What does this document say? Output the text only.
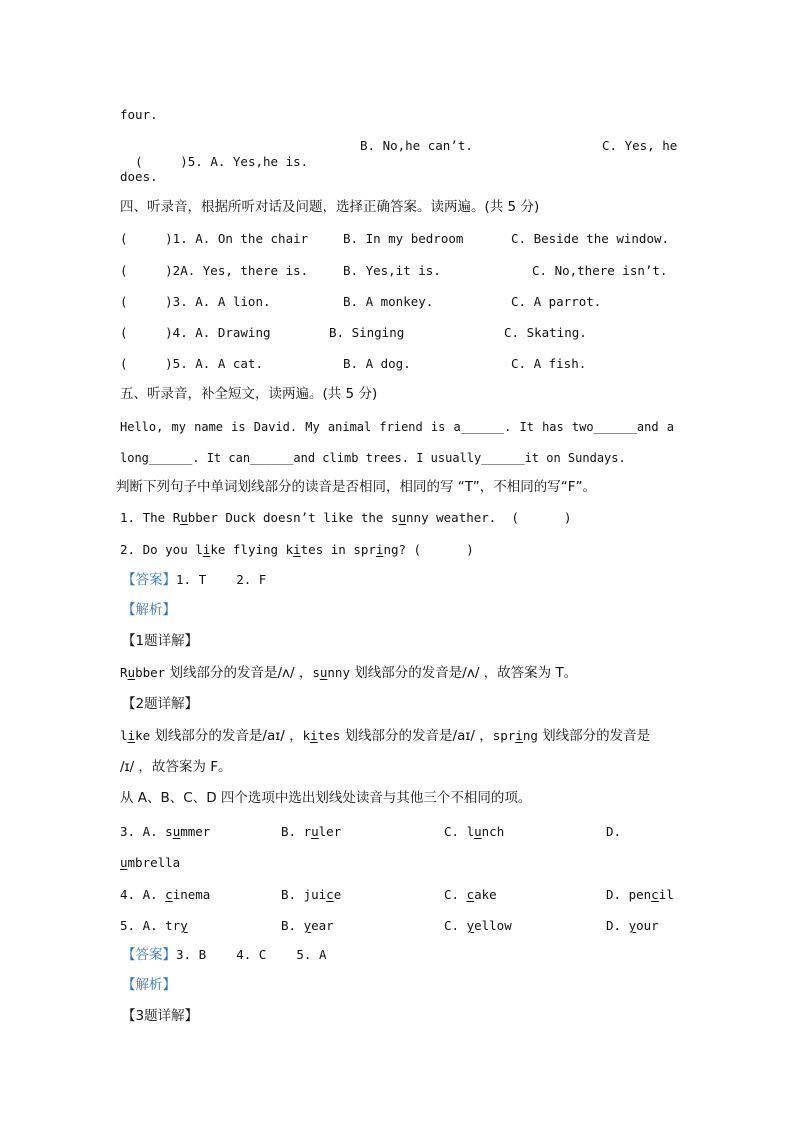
four.

(     )5. A. Yes,he is.

B. No,he can’t.	C. Yes, he
does.
四、听录音，根据所听对话及问题，选择正确答案。读两遍。(共 5 分)
(     )1. A. On the chair	B. In my bedroom	C. Beside the window.
(     )2A. Yes, there is.	B. Yes,it is.	C. No,there isn’t.
(     )3. A. A lion.	B. A monkey.	C. A parrot.
(     )4. A. Drawing	B. Singing	C. Skating.
(     )5. A. A cat.	B. A dog.	C. A fish.
五、听录音，补全短文，读两遍。(共 5 分)
Hello, my name is David. My animal friend is a______. It has two______and a
long______. It can______and climb trees. I usually______it on Sundays.
判断下列句子中单词划线部分的读音是否相同，相同的写 “T”，不相同的写“F”。
1. The Rubber Duck doesn’t like the sunny weather.  (      )
2. Do you like flying kites in spring? (      )
【答案】1. T    2. F
【解析】
【1题详解】
Rubber 划线部分的发音是/ʌ/ ，sunny 划线部分的发音是/ʌ/ ，故答案为 T。
【2题详解】
like 划线部分的发音是/aɪ/ ，kites 划线部分的发音是/aɪ/ ，spring 划线部分的发音是
/ɪ/ ，故答案为 F。
从 A、B、C、D 四个选项中选出划线处读音与其他三个不相同的项。
3. A. summer	B. ruler	C. lunch	D.
umbrella
4. A. cinema	B. juice	C. cake	D. pencil
5. A. try	B. year	C. yellow	D. your
【答案】3. B    4. C    5. A
【解析】
【3题详解】
